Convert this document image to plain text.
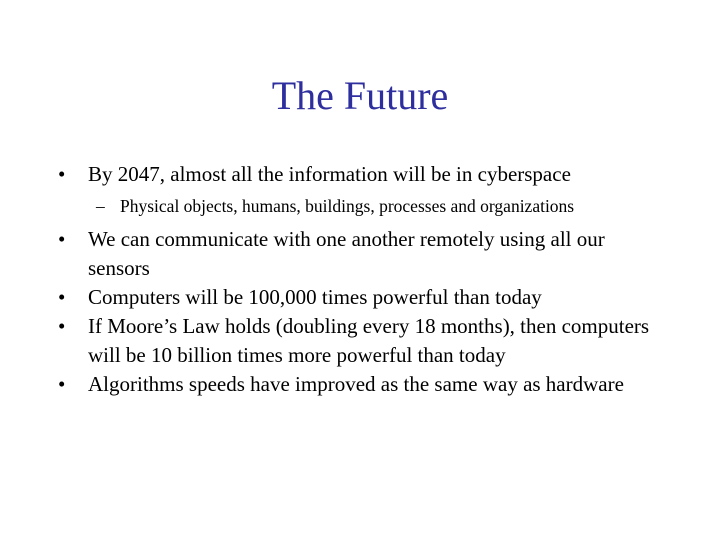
The Future
• By 2047, almost all the information will be in cyberspace
– Physical objects, humans, buildings, processes and organizations
• We can communicate with one another remotely using all our sensors
• Computers will be 100,000 times powerful than today
• If Moore’s Law holds (doubling every 18 months), then computers will be 10 billion times more powerful than today
• Algorithms speeds have improved as the same way as hardware
